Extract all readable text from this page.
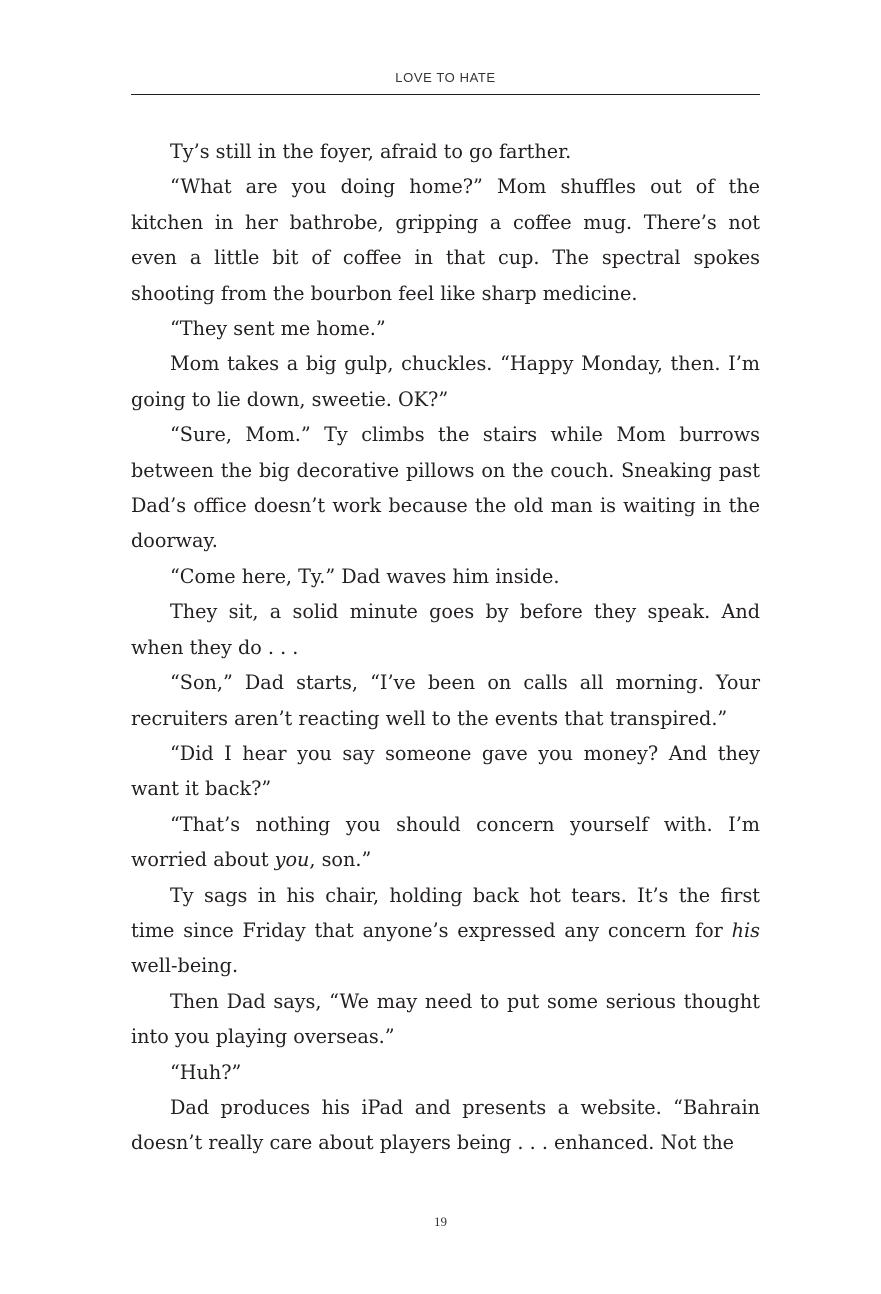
LOVE TO HATE

Ty’s still in the foyer, afraid to go farther.

“What are you doing home?” Mom shuffles out of the kitchen in her bathrobe, gripping a coffee mug. There’s not even a little bit of coffee in that cup. The spectral spokes shooting from the bourbon feel like sharp medicine.

“They sent me home.”

Mom takes a big gulp, chuckles. “Happy Monday, then. I’m going to lie down, sweetie. OK?”

“Sure, Mom.” Ty climbs the stairs while Mom burrows between the big decorative pillows on the couch. Sneaking past Dad’s office doesn’t work because the old man is waiting in the doorway.

“Come here, Ty.” Dad waves him inside.

They sit, a solid minute goes by before they speak. And when they do . . .

“Son,” Dad starts, “I’ve been on calls all morning. Your recruiters aren’t reacting well to the events that transpired.”

“Did I hear you say someone gave you money? And they want it back?”

“That’s nothing you should concern yourself with. I’m worried about you, son.”

Ty sags in his chair, holding back hot tears. It’s the first time since Friday that anyone’s expressed any concern for his well-being.

Then Dad says, “We may need to put some serious thought into you playing overseas.”

“Huh?”

Dad produces his iPad and presents a website. “Bahrain doesn’t really care about players being . . . enhanced. Not the

19
